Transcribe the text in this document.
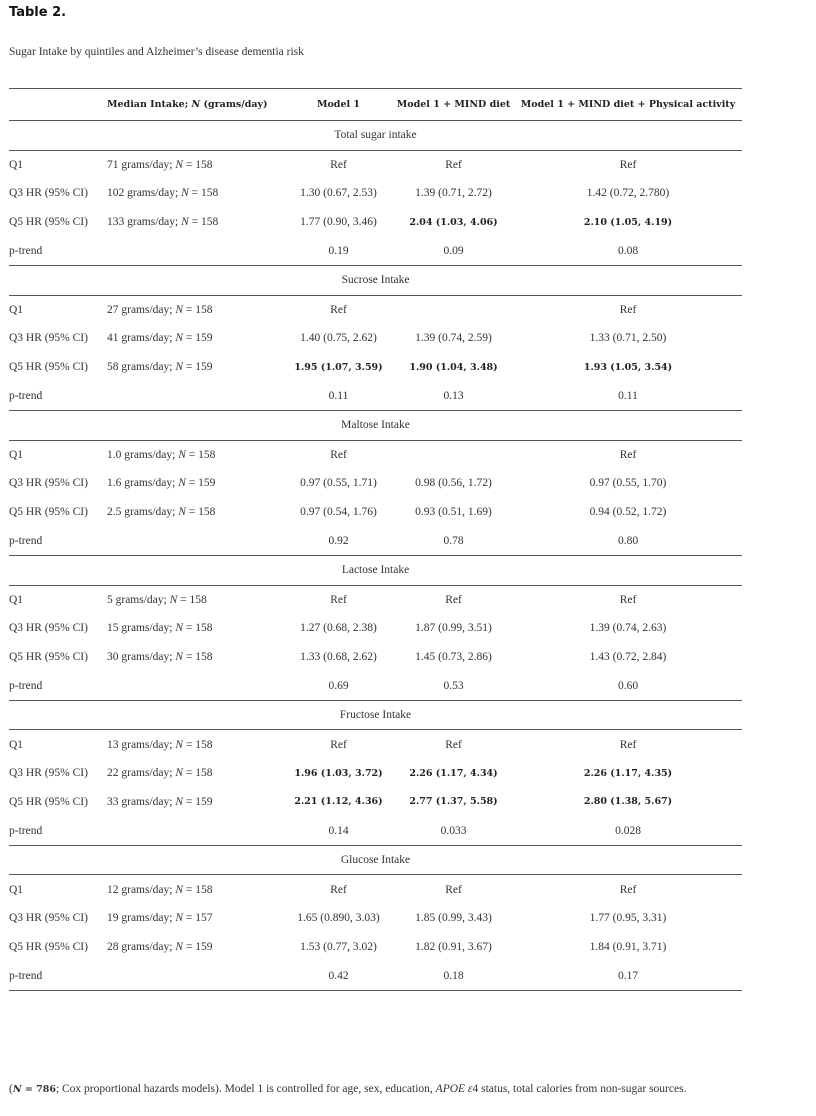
Table 2.
Sugar Intake by quintiles and Alzheimer’s disease dementia risk
	Median Intake; N (grams/day)	Model 1	Model 1 + MIND diet	Model 1 + MIND diet + Physical activity
Total sugar intake				
Q1	71 grams/day; N = 158	Ref	Ref	Ref
Q3 HR (95% CI)	102 grams/day; N = 158	1.30 (0.67, 2.53)	1.39 (0.71, 2.72)	1.42 (0.72, 2.780)
Q5 HR (95% CI)	133 grams/day; N = 158	1.77 (0.90, 3.46)	2.04 (1.03, 4.06)	2.10 (1.05, 4.19)
p-trend		0.19	0.09	0.08
Sucrose Intake				
Q1	27 grams/day; N = 158	Ref		Ref
Q3 HR (95% CI)	41 grams/day; N = 159	1.40 (0.75, 2.62)	1.39 (0.74, 2.59)	1.33 (0.71, 2.50)
Q5 HR (95% CI)	58 grams/day; N = 159	1.95 (1.07, 3.59)	1.90 (1.04, 3.48)	1.93 (1.05, 3.54)
p-trend		0.11	0.13	0.11
Maltose Intake				
Q1	1.0 grams/day; N = 158	Ref		Ref
Q3 HR (95% CI)	1.6 grams/day; N = 159	0.97 (0.55, 1.71)	0.98 (0.56, 1.72)	0.97 (0.55, 1.70)
Q5 HR (95% CI)	2.5 grams/day; N = 158	0.97 (0.54, 1.76)	0.93 (0.51, 1.69)	0.94 (0.52, 1.72)
p-trend		0.92	0.78	0.80
Lactose Intake				
Q1	5 grams/day; N = 158	Ref	Ref	Ref
Q3 HR (95% CI)	15 grams/day; N = 158	1.27 (0.68, 2.38)	1.87 (0.99, 3.51)	1.39 (0.74, 2.63)
Q5 HR (95% CI)	30 grams/day; N = 158	1.33 (0.68, 2.62)	1.45 (0.73, 2.86)	1.43 (0.72, 2.84)
p-trend		0.69	0.53	0.60
Fructose Intake				
Q1	13 grams/day; N = 158	Ref	Ref	Ref
Q3 HR (95% CI)	22 grams/day; N = 158	1.96 (1.03, 3.72)	2.26 (1.17, 4.34)	2.26 (1.17, 4.35)
Q5 HR (95% CI)	33 grams/day; N = 159	2.21 (1.12, 4.36)	2.77 (1.37, 5.58)	2.80 (1.38, 5.67)
p-trend		0.14	0.033	0.028
Glucose Intake				
Q1	12 grams/day; N = 158	Ref	Ref	Ref
Q3 HR (95% CI)	19 grams/day; N = 157	1.65 (0.890, 3.03)	1.85 (0.99, 3.43)	1.77 (0.95, 3.31)
Q5 HR (95% CI)	28 grams/day; N = 159	1.53 (0.77, 3.02)	1.82 (0.91, 3.67)	1.84 (0.91, 3.71)
p-trend		0.42	0.18	0.17
(N = 786; Cox proportional hazards models). Model 1 is controlled for age, sex, education, APOE ε4 status, total calories from non-sugar sources.
